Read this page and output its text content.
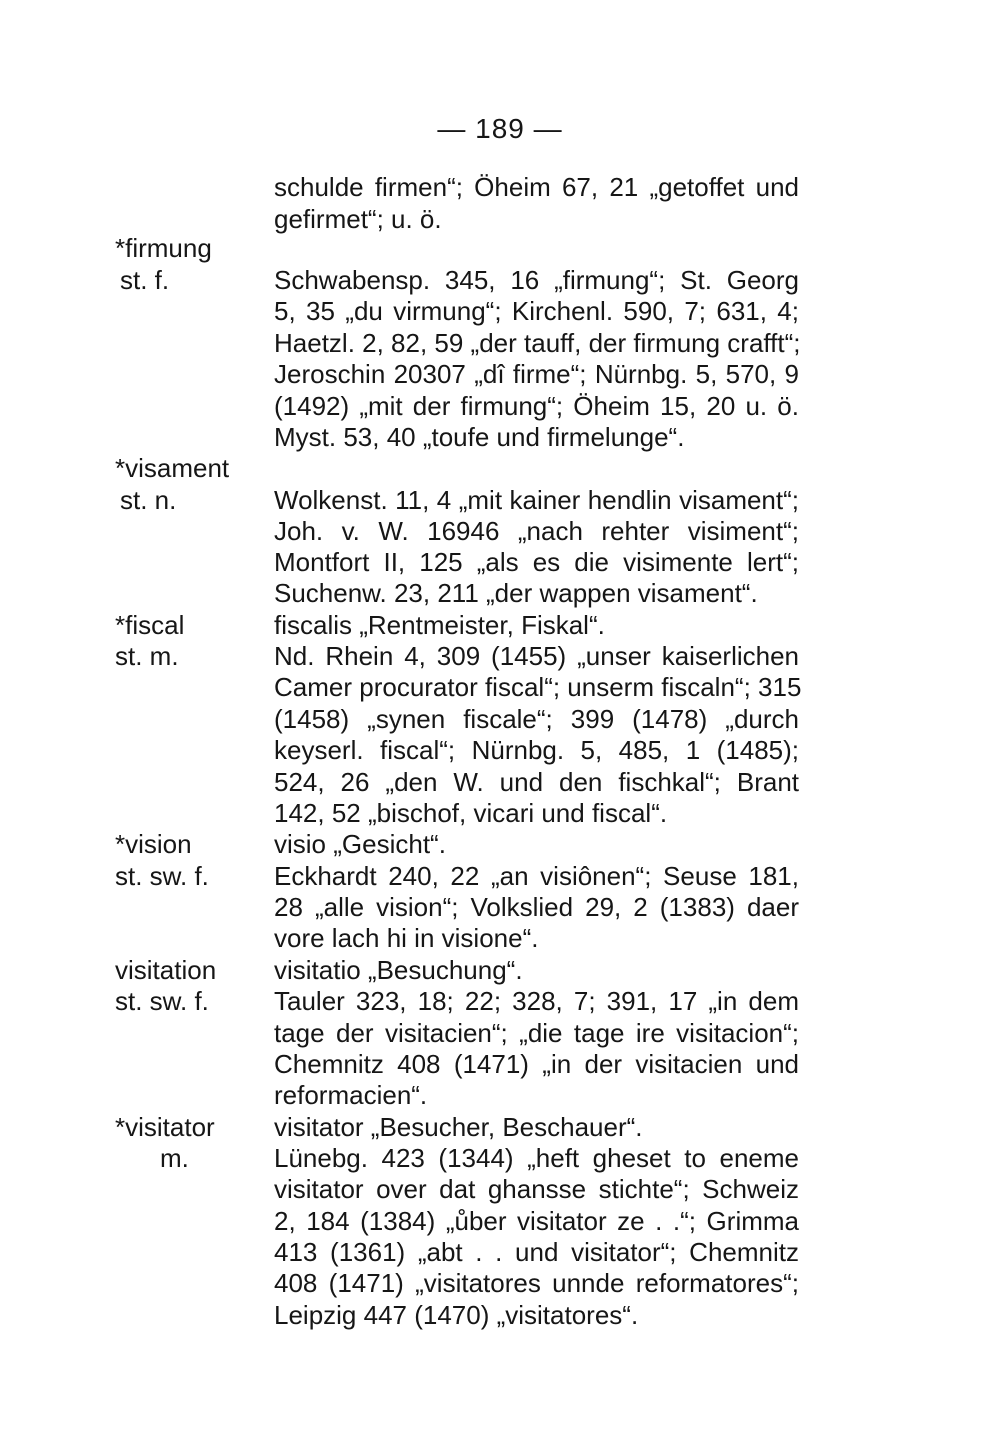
— 189 —
*firmung
st. f.
*visament
st. n.
*fiscal
st. m.
*vision
st. sw. f.
visitation
st. sw. f.
*visitator
m.
schulde firmen“; Öheim 67, 21 „getoffet und
gefirmet“; u. ö.
Schwabensp. 345, 16 „firmung“; St. Georg
5, 35 „du virmung“; Kirchenl. 590, 7; 631, 4;
Haetzl. 2, 82, 59 „der tauff, der firmung crafft“;
Jeroschin 20307 „dî firme“; Nürnbg. 5, 570, 9
(1492) „mit der firmung“; Öheim 15, 20 u. ö.
Myst. 53, 40 „toufe und firmelunge“.
Wolkenst. 11, 4 „mit kainer hendlin visament“;
Joh. v. W. 16946 „nach rehter visiment“;
Montfort II, 125 „als es die visimente lert“;
Suchenw. 23, 211 „der wappen visament“.
fiscalis „Rentmeister, Fiskal“.
Nd. Rhein 4, 309 (1455) „unser kaiserlichen
Camer procurator fiscal“; unserm fiscaln“; 315
(1458) „synen fiscale“; 399 (1478) „durch
keyserl. fiscal“; Nürnbg. 5, 485, 1 (1485);
524, 26 „den W. und den fischkal“; Brant
142, 52 „bischof, vicari und fiscal“.
visio „Gesicht“.
Eckhardt 240, 22 „an visiônen“; Seuse 181,
28 „alle vision“; Volkslied 29, 2 (1383) daer
vore lach hi in visione“.
visitatio „Besuchung“.
Tauler 323, 18; 22; 328, 7; 391, 17 „in dem
tage der visitacien“; „die tage ire visitacion“;
Chemnitz 408 (1471) „in der visitacien und
reformacien“.
visitator „Besucher, Beschauer“.
Lünebg. 423 (1344) „heft gheset to eneme
visitator over dat ghansse stichte“; Schweiz
2, 184 (1384) „ůber visitator ze . .“; Grimma
413 (1361) „abt . . und visitator“; Chemnitz
408 (1471) „visitatores unnde reformatores“;
Leipzig 447 (1470) „visitatores“.
